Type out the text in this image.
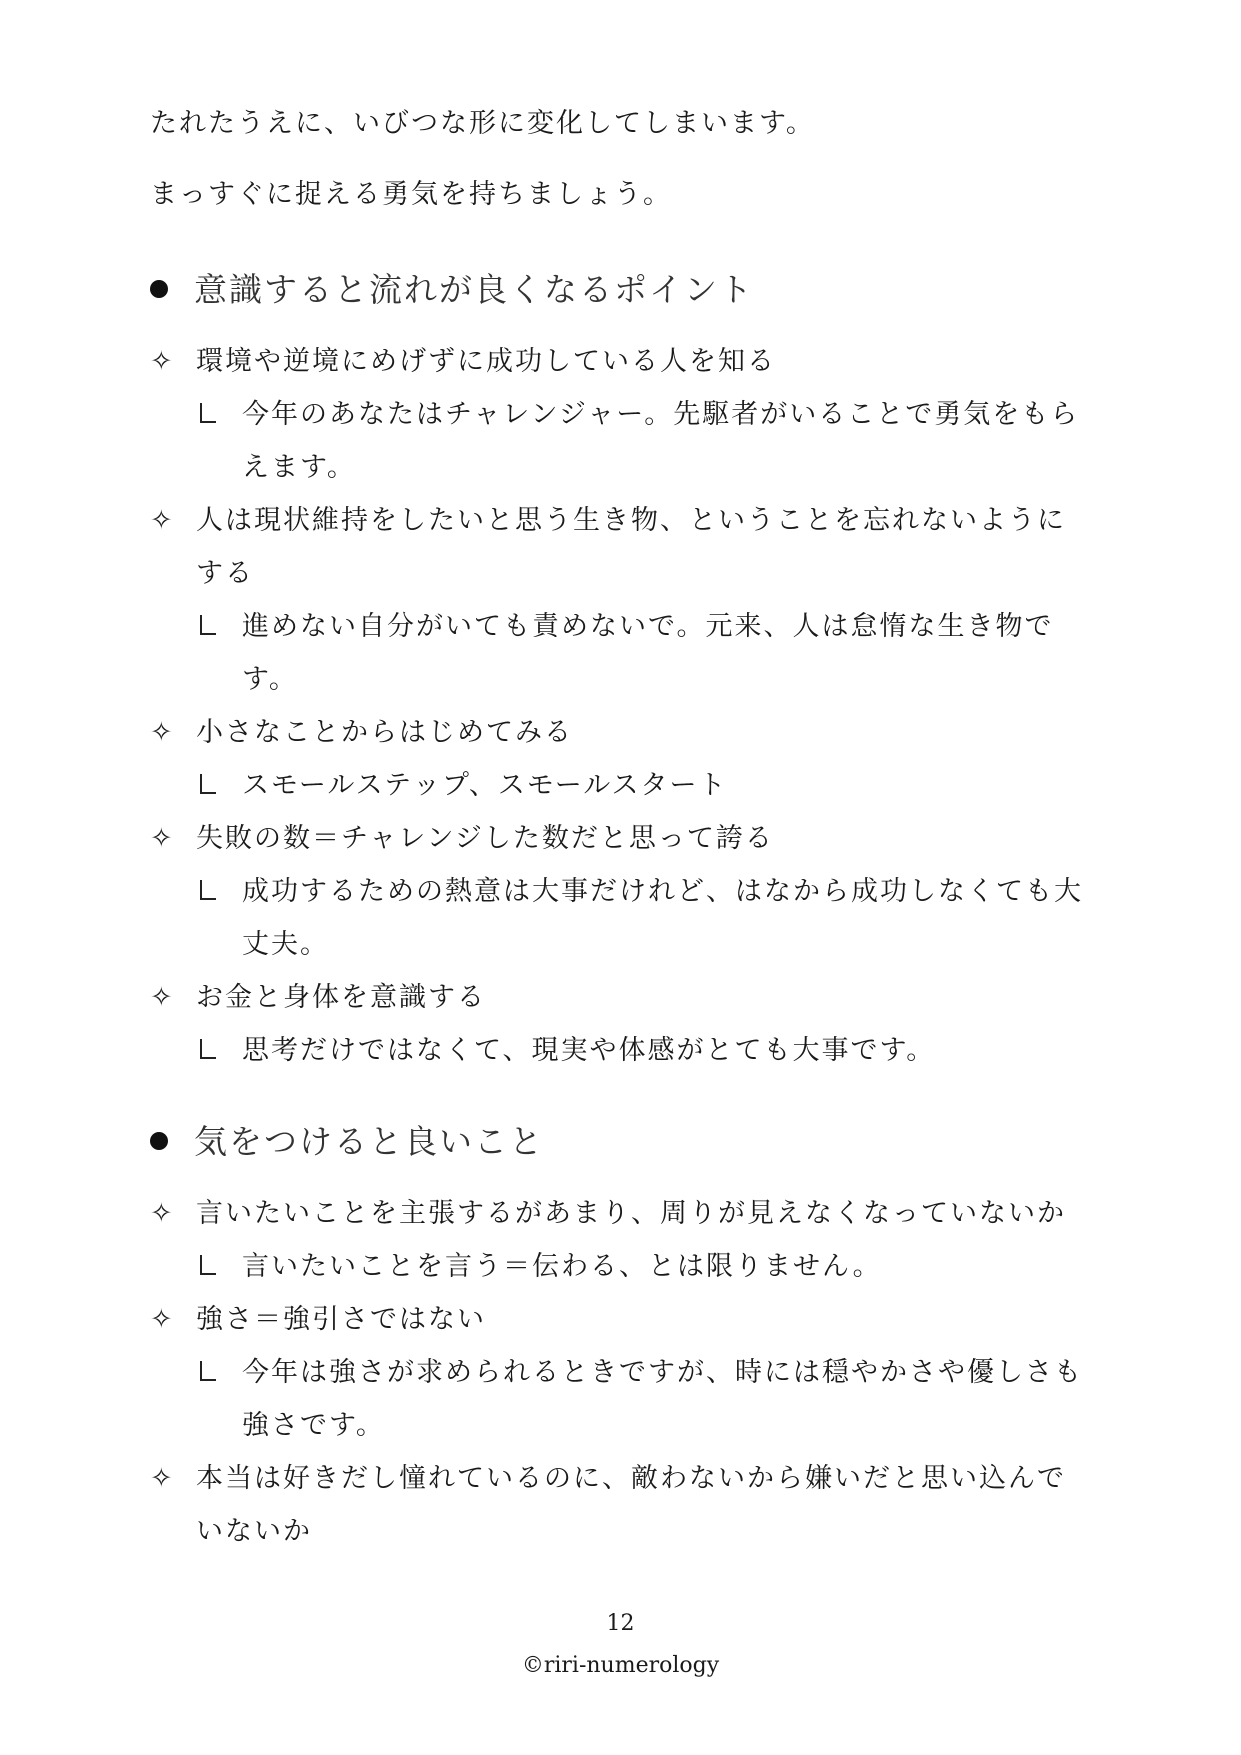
たれたうえに、いびつな形に変化してしまいます。
まっすぐに捉える勇気を持ちましょう。
意識すると流れが良くなるポイント
✧ 環境や逆境にめげずに成功している人を知る
今年のあなたはチャレンジャー。先駆者がいることで勇気をもら
えます。
✧ 人は現状維持をしたいと思う生き物、ということを忘れないように
する
進めない自分がいても責めないで。元来、人は怠惰な生き物で
す。
✧ 小さなことからはじめてみる
スモールステップ、スモールスタート
✧ 失敗の数＝チャレンジした数だと思って誇る
成功するための熱意は大事だけれど、はなから成功しなくても大
丈夫。
✧ お金と身体を意識する
思考だけではなくて、現実や体感がとても大事です。
気をつけると良いこと
✧ 言いたいことを主張するがあまり、周りが見えなくなっていないか
言いたいことを言う＝伝わる、とは限りません。
✧ 強さ＝強引さではない
今年は強さが求められるときですが、時には穏やかさや優しさも
強さです。
✧ 本当は好きだし憧れているのに、敵わないから嫌いだと思い込んで
いないか
12
©riri-numerology
